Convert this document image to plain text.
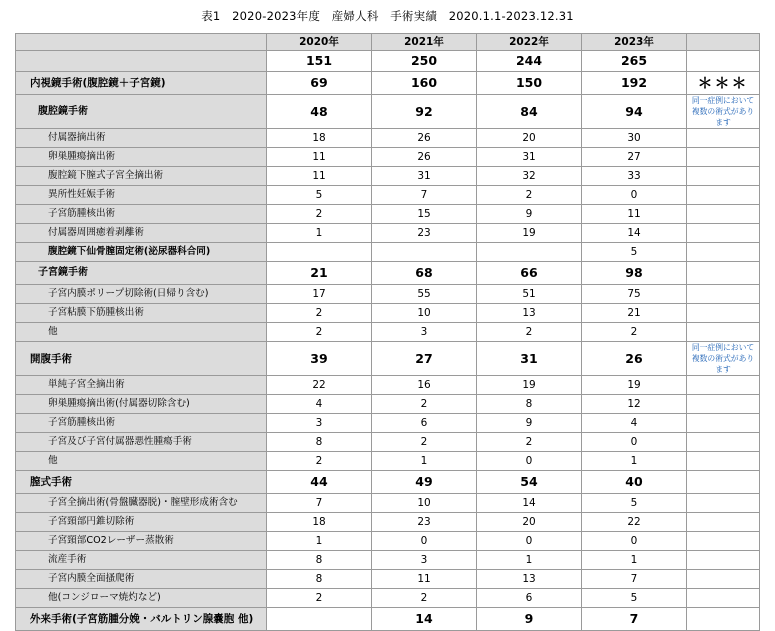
表1　2020-2023年度　産婦人科　手術実績　2020.1.1-2023.12.31
	2020年	2021年	2022年	2023年	
	151	250	244	265	
内視鏡手術(腹腔鏡＋子宮鏡)	69	160	150	192	＊＊＊
腹腔鏡手術	48	92	84	94	同一症例において 複数の術式があります
付属器摘出術	18	26	20	30	
卵巣腫瘍摘出術	11	26	31	27	
腹腔鏡下膣式子宮全摘出術	11	31	32	33	
異所性妊娠手術	5	7	2	0	
子宮筋腫核出術	2	15	9	11	
付属器周囲癒着剥離術	1	23	19	14	
腹腔鏡下仙骨膣固定術(泌尿器科合同)				5	
子宮鏡手術	21	68	66	98	
子宮内膜ポリープ切除術(日帰り含む)	17	55	51	75	
子宮粘膜下筋腫核出術	2	10	13	21	
他	2	3	2	2	
開腹手術	39	27	31	26	同一症例において 複数の術式があります
単純子宮全摘出術	22	16	19	19	
卵巣腫瘍摘出術(付属器切除含む)	4	2	8	12	
子宮筋腫核出術	3	6	9	4	
子宮及び子宮付属器悪性腫瘍手術	8	2	2	0	
他	2	1	0	1	
膣式手術	44	49	54	40	
子宮全摘出術(骨盤臓器脱)・膣壁形成術含む	7	10	14	5	
子宮頸部円錐切除術	18	23	20	22	
子宮頸部CO2レーザー蒸散術	1	0	0	0	
流産手術	8	3	1	1	
子宮内膜全面搔爬術	8	11	13	7	
他(コンジローマ焼灼など)	2	2	6	5	
外来手術(子宮筋腫分娩・バルトリン腺嚢胞 他)		14	9	7	
